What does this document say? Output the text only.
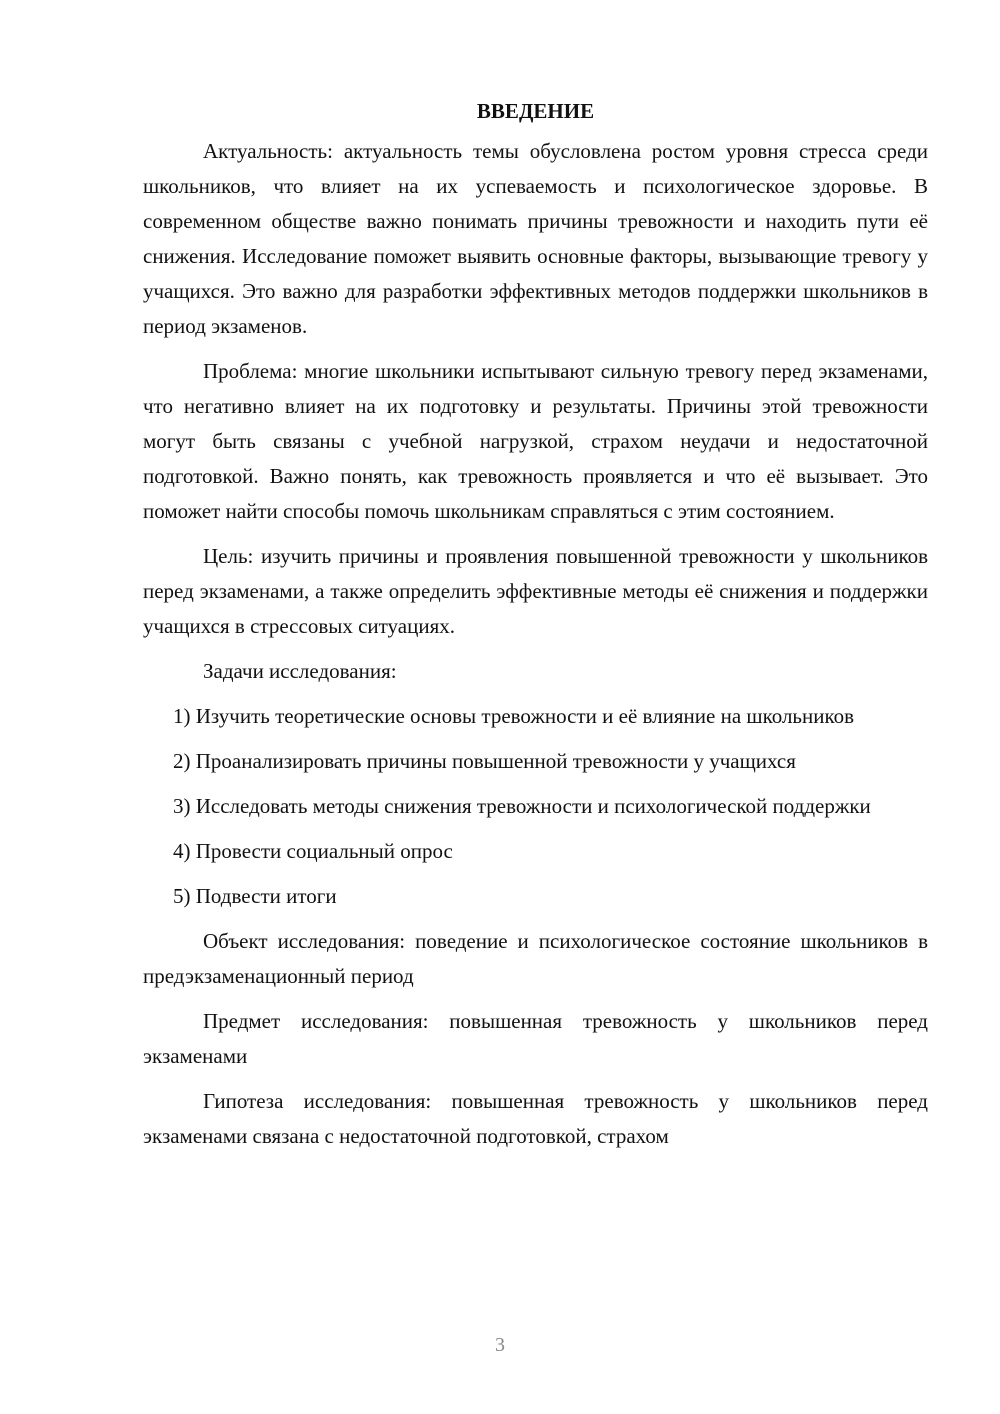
ВВЕДЕНИЕ

Актуальность: актуальность темы обусловлена ростом уровня стресса среди школьников, что влияет на их успеваемость и психологическое здоровье. В современном обществе важно понимать причины тревожности и находить пути её снижения. Исследование поможет выявить основные факторы, вызывающие тревогу у учащихся. Это важно для разработки эффективных методов поддержки школьников в период экзаменов.

Проблема: многие школьники испытывают сильную тревогу перед экзаменами, что негативно влияет на их подготовку и результаты. Причины этой тревожности могут быть связаны с учебной нагрузкой, страхом неудачи и недостаточной подготовкой. Важно понять, как тревожность проявляется и что её вызывает. Это поможет найти способы помочь школьникам справляться с этим состоянием.

Цель: изучить причины и проявления повышенной тревожности у школьников перед экзаменами, а также определить эффективные методы её снижения и поддержки учащихся в стрессовых ситуациях.

Задачи исследования:

1) Изучить теоретические основы тревожности и её влияние на школьников

2) Проанализировать причины повышенной тревожности у учащихся

3) Исследовать методы снижения тревожности и психологической поддержки

4) Провести социальный опрос

5) Подвести итоги

Объект исследования: поведение и психологическое состояние школьников в предэкзаменационный период

Предмет исследования: повышенная тревожность у школьников перед экзаменами

Гипотеза исследования: повышенная тревожность у школьников перед экзаменами связана с недостаточной подготовкой, страхом

3
